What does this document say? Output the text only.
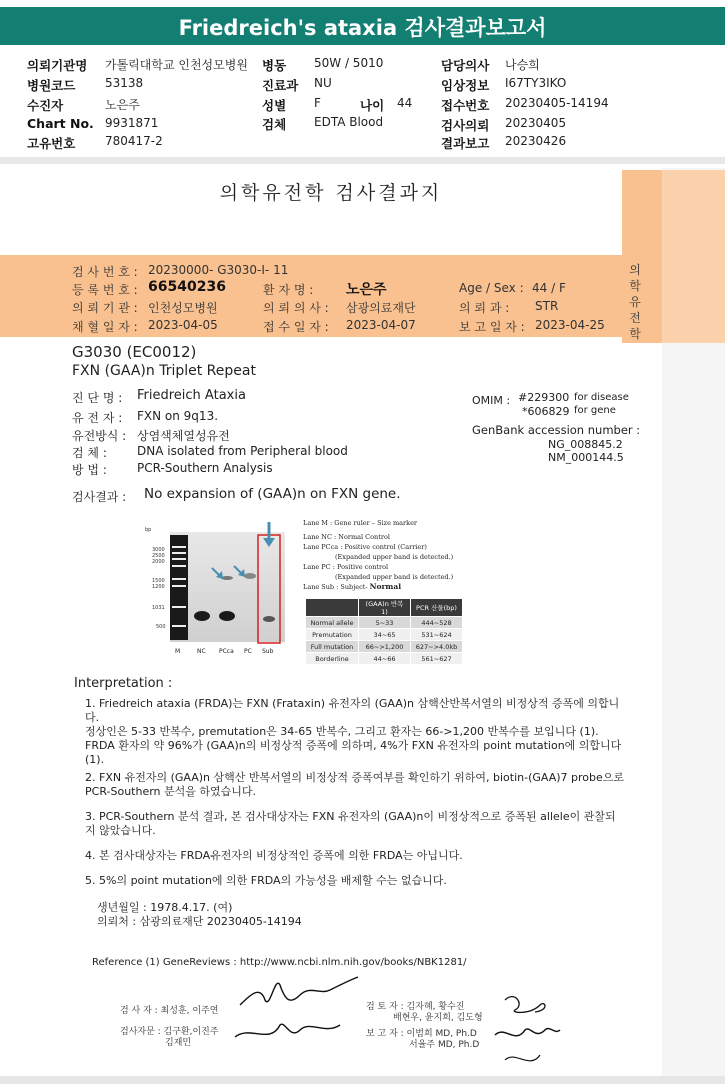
Friedreich's ataxia 검사결과보고서
의뢰기관명 가톨릭대학교 인천성모병원
병원코드 53138
수진자	노은주
Chart No. 9931871
고유번호 780417-2
병동 50W / 5010
진료과 NU
성별 F	나이 44
검체 EDTA Blood
담당의사 나승희
임상정보 I67TY3IKO
접수번호 20230405-14194
검사의뢰 20230405
결과보고 20230426
의학유전학 검사결과지
의
학
유
전
학
검 사 번 호 : 20230000- G3030-I- 11
등 록 번 호 : 66540236
의 뢰 기 관 : 인천성모병원
채 혈 일 자 : 2023-04-05
환 자 명 : 노은주
의 뢰 의 사 : 삼광의료재단
접 수 일 자 : 2023-04-07
Age / Sex : 44 / F
의 뢰 과 : STR
보 고 일 자 : 2023-04-25
G3030 (EC0012)
FXN (GAA)n Triplet Repeat
진 단 명 : Friedreich Ataxia
유 전 자 : FXN on 9q13.
유전방식 : 상염색체열성유전
검 체 :	DNA isolated from Peripheral blood
방 법 :	PCR-Southern Analysis
OMIM : #229300 for disease
*606829 for gene
GenBank accession number :
NG_008845.2
NM_000144.5
검사결과 : No expansion of (GAA)n on FXN gene.
bp
3000
2500
2000
1500
1200
1031
500
M	NC PCca PC Sub
Lane M : Gene ruler – Size marker
Lane NC : Normal Control
Lane PCca : Positive control (Carrier)
(Expanded upper band is detected.)
Lane PC : Positive control
(Expanded upper band is detected.)
Lane Sub : Subject- Normal
	(GAA)n 반복 1)	PCR 산물(bp)
Normal allele	5~33	444~528
Premutation	34~65	531~624
Full mutation	66~>1,200	627~>4.0kb
Borderline	44~66	561~627
Interpretation :
1. Friedreich ataxia (FRDA)는 FXN (Frataxin) 유전자의 (GAA)n 삼핵산반복서열의 비정상적 증폭에 의합니다.
정상인은 5-33 반복수, premutation은 34-65 반복수, 그리고 환자는 66->1,200 반복수를 보입니다 (1). FRDA 환자의 약 96%가 (GAA)n의 비정상적 증폭에 의하며, 4%가 FXN 유전자의 point mutation에 의합니다 (1).
2. FXN 유전자의 (GAA)n 삼핵산 반복서열의 비정상적 증폭여부를 확인하기 위하여, biotin-(GAA)7 probe으로 PCR-Southern 분석을 하였습니다.
3. PCR-Southern 분석 결과, 본 검사대상자는 FXN 유전자의 (GAA)n이 비정상적으로 증폭된 allele이 관찰되지 않았습니다.
4. 본 검사대상자는 FRDA유전자의 비정상적인 증폭에 의한 FRDA는 아닙니다.
5. 5%의 point mutation에 의한 FRDA의 가능성을 배제할 수는 없습니다.
생년월일 : 1978.4.17. (여)
의뢰처 : 삼광의료재단 20230405-14194
Reference (1) GeneReviews : http://www.ncbi.nlm.nih.gov/books/NBK1281/
검 사 자 : 최성훈, 이주연
검사자문 : 김구환,이진주
김재민
검 토 자 : 김자혜, 황수진
배현우, 윤지희, 김도형
보 고 자 : 이범희 MD, Ph.D
서율주 MD, Ph.D
